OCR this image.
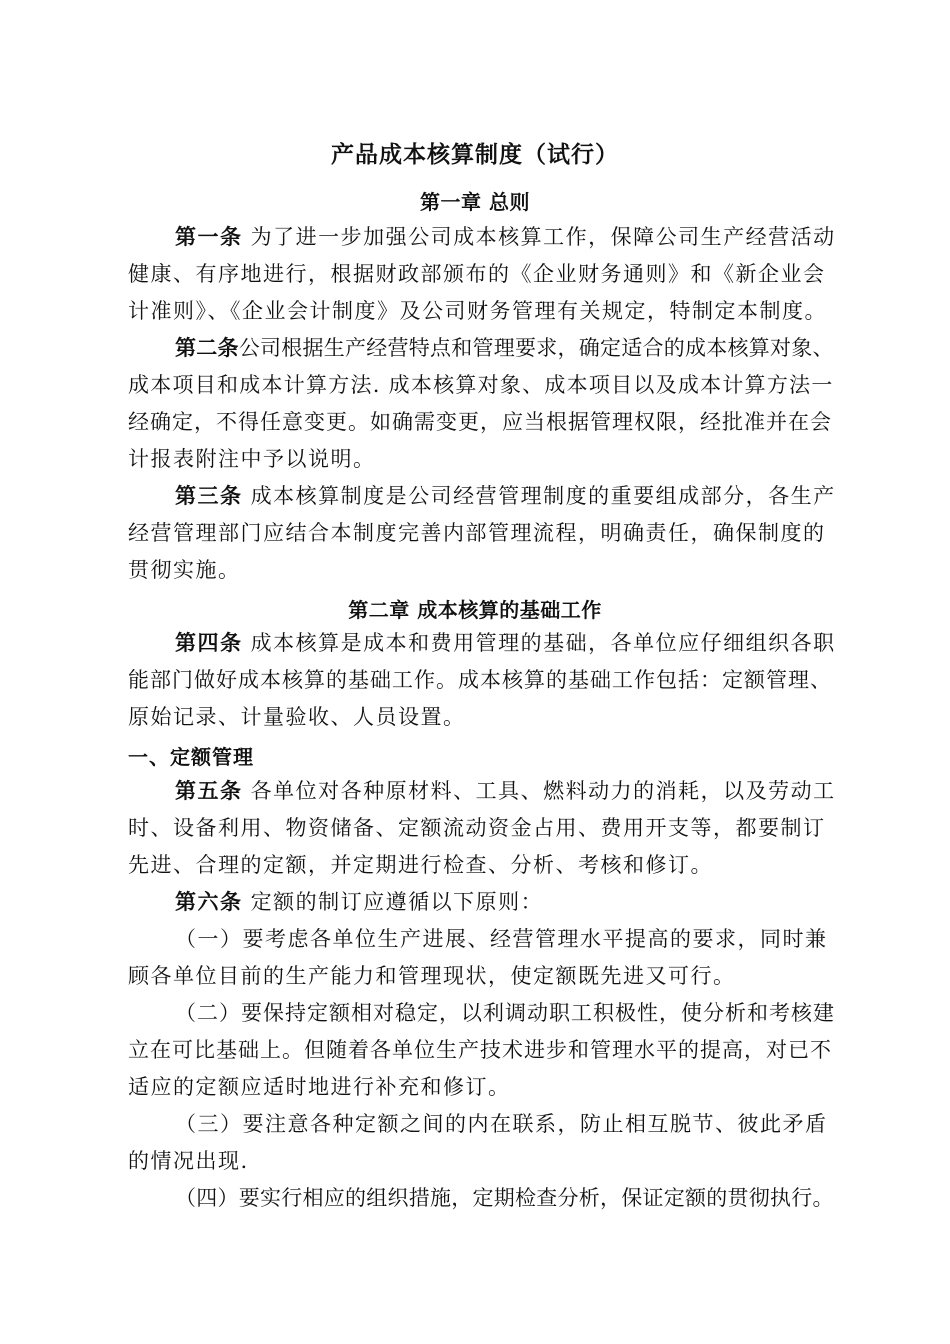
产品成本核算制度（试行）
第一章 总则
第一条 为了进一步加强公司成本核算工作，保障公司生产经营活动
健康、有序地进行，根据财政部颁布的《企业财务通则》和《新企业会
计准则》、《企业会计制度》及公司财务管理有关规定，特制定本制度。
第二条公司根据生产经营特点和管理要求，确定适合的成本核算对象、
成本项目和成本计算方法. 成本核算对象、成本项目以及成本计算方法一
经确定，不得任意变更。如确需变更，应当根据管理权限，经批准并在会
计报表附注中予以说明。
第三条 成本核算制度是公司经营管理制度的重要组成部分，各生产
经营管理部门应结合本制度完善内部管理流程，明确责任，确保制度的
贯彻实施。
第二章 成本核算的基础工作
第四条 成本核算是成本和费用管理的基础，各单位应仔细组织各职
能部门做好成本核算的基础工作。成本核算的基础工作包括：定额管理、
原始记录、计量验收、人员设置。
一、定额管理
第五条 各单位对各种原材料、工具、燃料动力的消耗，以及劳动工
时、设备利用、物资储备、定额流动资金占用、费用开支等，都要制订
先进、合理的定额，并定期进行检查、分析、考核和修订。
第六条 定额的制订应遵循以下原则：
（一）要考虑各单位生产进展、经营管理水平提高的要求，同时兼
顾各单位目前的生产能力和管理现状，使定额既先进又可行。
（二）要保持定额相对稳定，以利调动职工积极性，使分析和考核建
立在可比基础上。但随着各单位生产技术进步和管理水平的提高，对已不
适应的定额应适时地进行补充和修订。
（三）要注意各种定额之间的内在联系，防止相互脱节、彼此矛盾
的情况出现.
（四）要实行相应的组织措施，定期检查分析，保证定额的贯彻执行。
